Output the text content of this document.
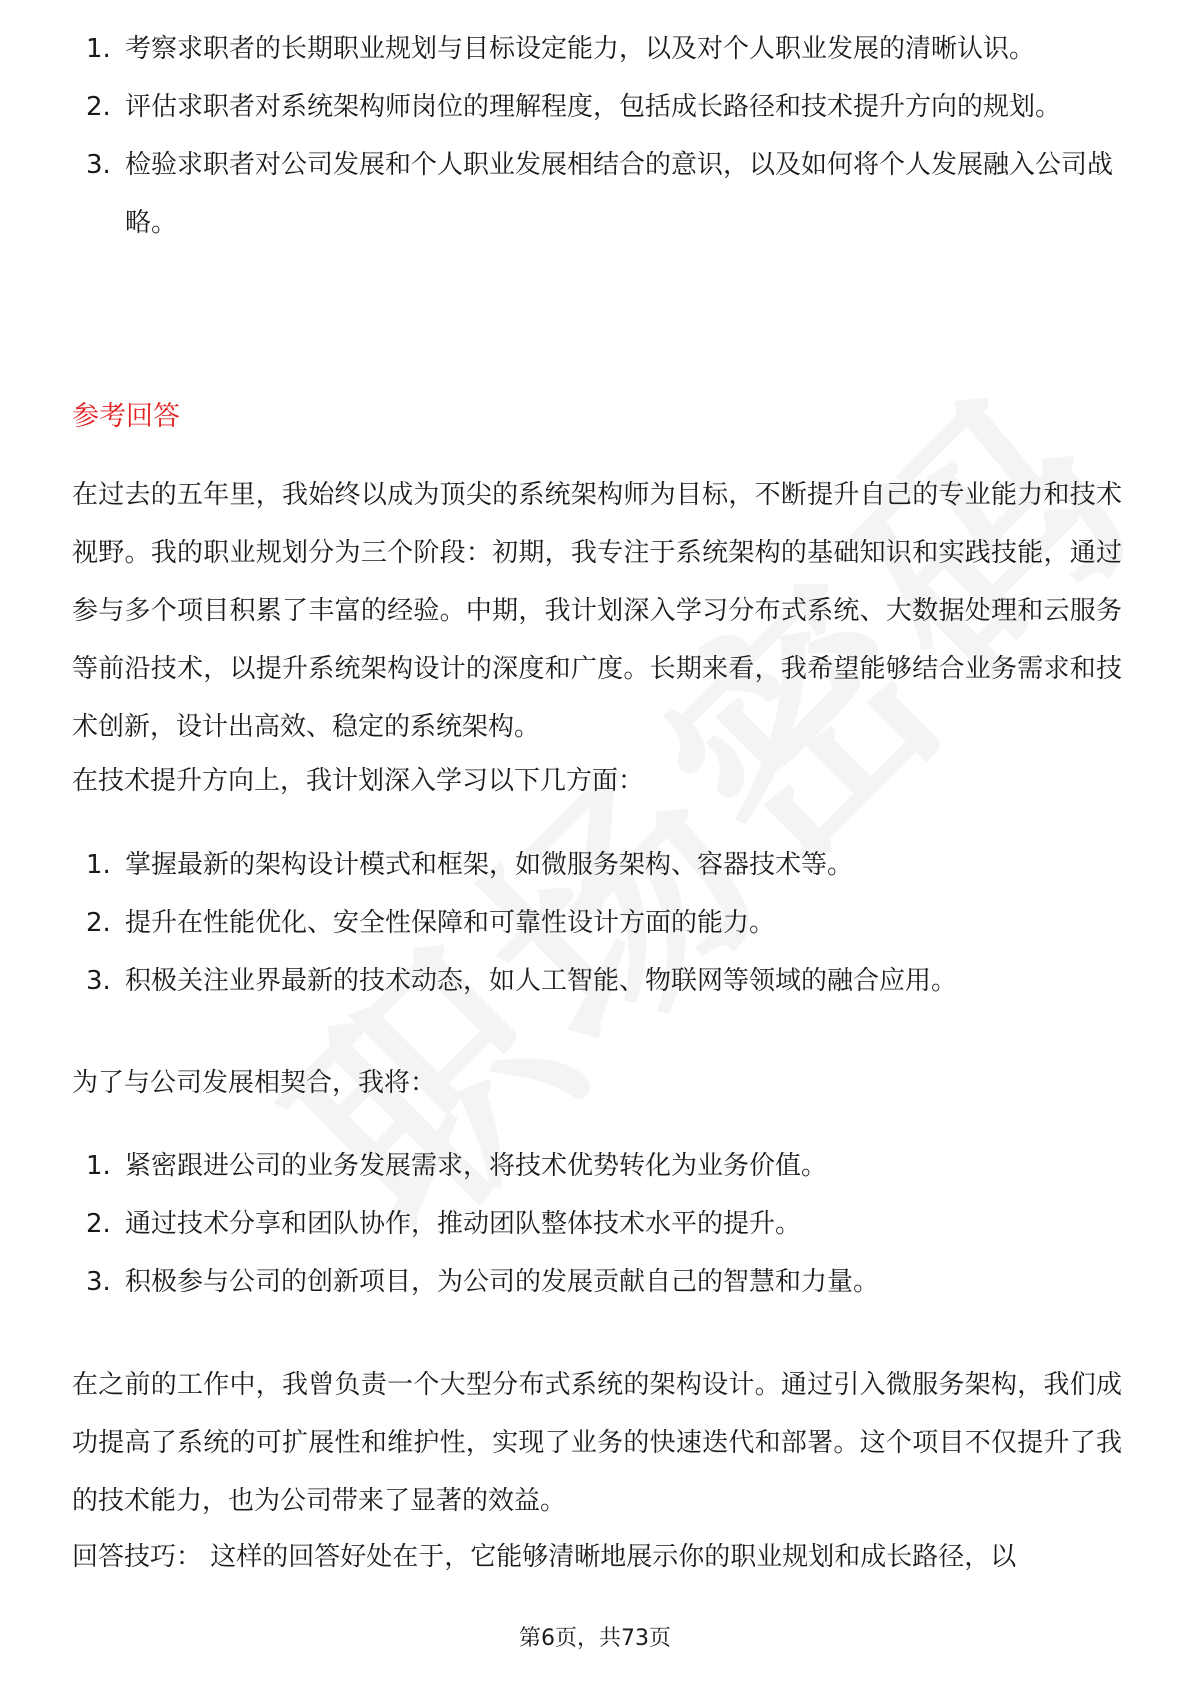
1. 考察求职者的长期职业规划与目标设定能力，以及对个人职业发展的清晰认识。
2. 评估求职者对系统架构师岗位的理解程度，包括成长路径和技术提升方向的规划。
3. 检验求职者对公司发展和个人职业发展相结合的意识，以及如何将个人发展融入公司战略。
参考回答

在过去的五年里，我始终以成为顶尖的系统架构师为目标，不断提升自己的专业能力和技术视野。我的职业规划分为三个阶段：初期，我专注于系统架构的基础知识和实践技能，通过参与多个项目积累了丰富的经验。中期，我计划深入学习分布式系统、大数据处理和云服务等前沿技术，以提升系统架构设计的深度和广度。长期来看，我希望能够结合业务需求和技术创新，设计出高效、稳定的系统架构。

在技术提升方向上，我计划深入学习以下几方面：

1. 掌握最新的架构设计模式和框架，如微服务架构、容器技术等。
2. 提升在性能优化、安全性保障和可靠性设计方面的能力。
3. 积极关注业界最新的技术动态，如人工智能、物联网等领域的融合应用。

为了与公司发展相契合，我将：

1. 紧密跟进公司的业务发展需求，将技术优势转化为业务价值。
2. 通过技术分享和团队协作，推动团队整体技术水平的提升。
3. 积极参与公司的创新项目，为公司的发展贡献自己的智慧和力量。

在之前的工作中，我曾负责一个大型分布式系统的架构设计。通过引入微服务架构，我们成功提高了系统的可扩展性和维护性，实现了业务的快速迭代和部署。这个项目不仅提升了我的技术能力，也为公司带来了显著的效益。

回答技巧： 这样的回答好处在于，它能够清晰地展示你的职业规划和成长路径，以

第6页，共73页
